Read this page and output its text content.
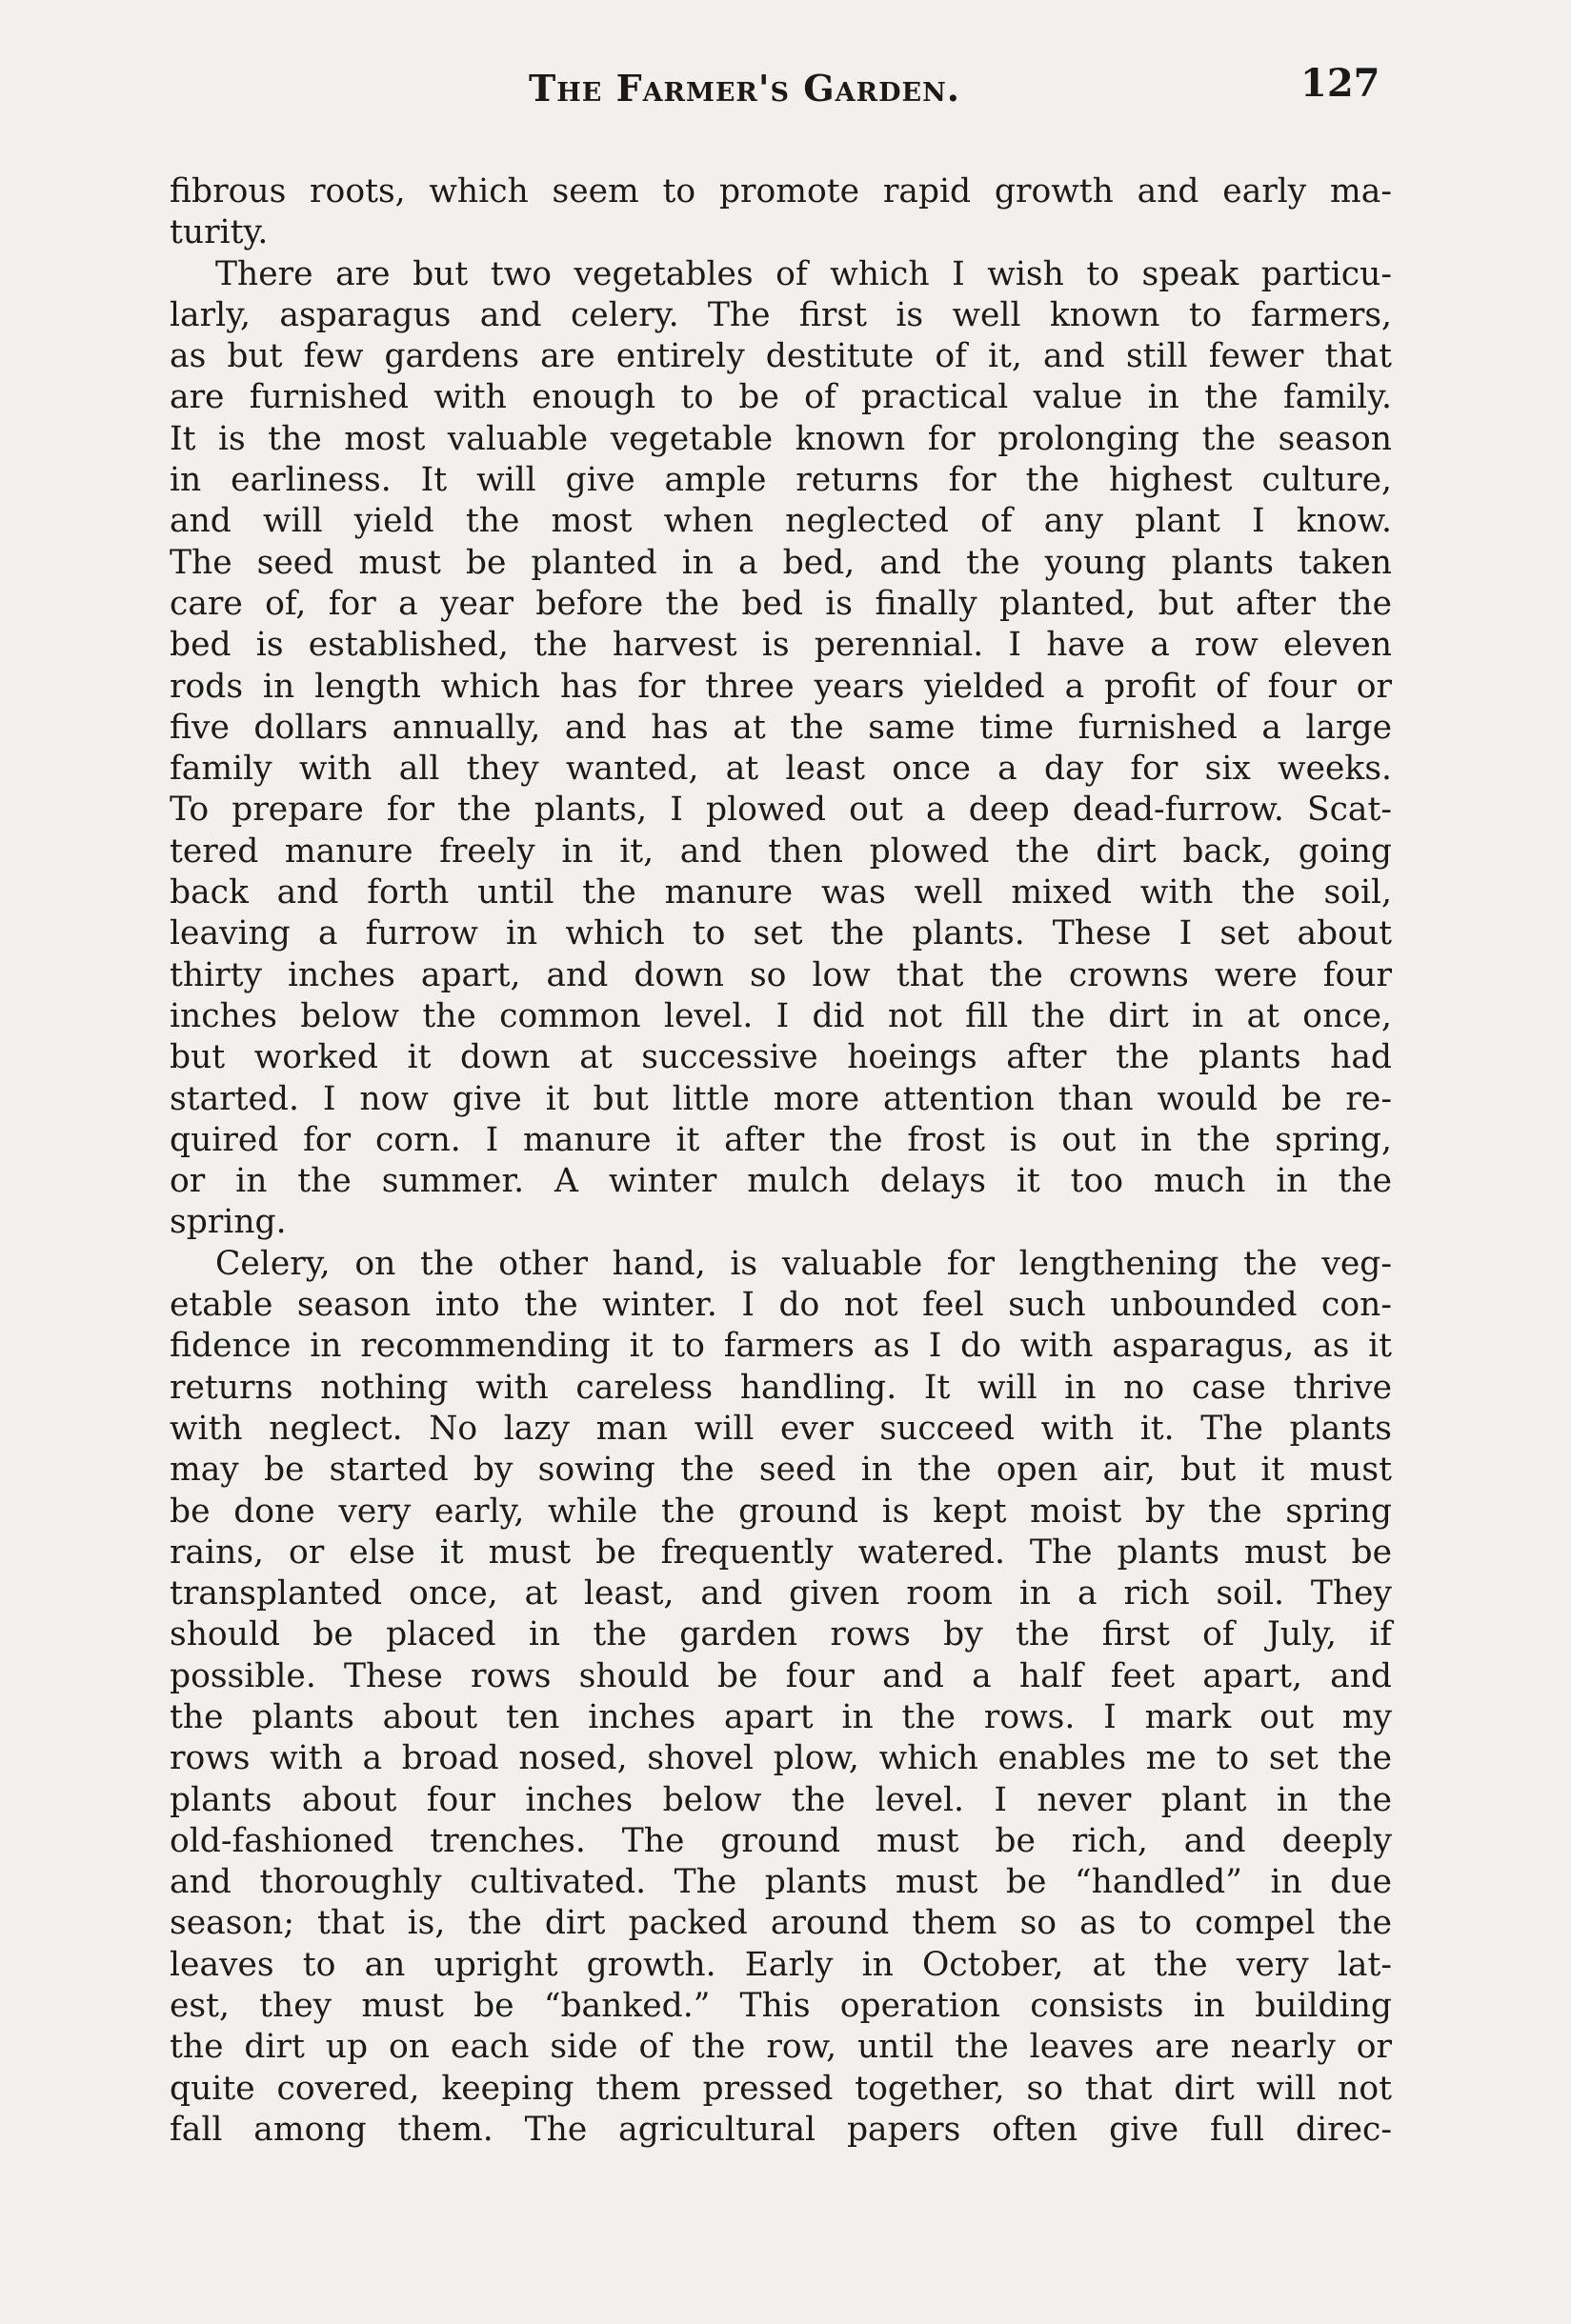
The Farmer's Garden.	127
fibrous roots, which seem to promote rapid growth and early ma-
turity.
There are but two vegetables of which I wish to speak particu-
larly, asparagus and celery. The first is well known to farmers,
as but few gardens are entirely destitute of it, and still fewer that
are furnished with enough to be of practical value in the family.
It is the most valuable vegetable known for prolonging the season
in earliness. It will give ample returns for the highest culture,
and will yield the most when neglected of any plant I know.
The seed must be planted in a bed, and the young plants taken
care of, for a year before the bed is finally planted, but after the
bed is established, the harvest is perennial. I have a row eleven
rods in length which has for three years yielded a profit of four or
five dollars annually, and has at the same time furnished a large
family with all they wanted, at least once a day for six weeks.
To prepare for the plants, I plowed out a deep dead-furrow. Scat-
tered manure freely in it, and then plowed the dirt back, going
back and forth until the manure was well mixed with the soil,
leaving a furrow in which to set the plants. These I set about
thirty inches apart, and down so low that the crowns were four
inches below the common level. I did not fill the dirt in at once,
but worked it down at successive hoeings after the plants had
started. I now give it but little more attention than would be re-
quired for corn. I manure it after the frost is out in the spring,
or in the summer. A winter mulch delays it too much in the
spring.
Celery, on the other hand, is valuable for lengthening the veg-
etable season into the winter. I do not feel such unbounded con-
fidence in recommending it to farmers as I do with asparagus, as it
returns nothing with careless handling. It will in no case thrive
with neglect. No lazy man will ever succeed with it. The plants
may be started by sowing the seed in the open air, but it must
be done very early, while the ground is kept moist by the spring
rains, or else it must be frequently watered. The plants must be
transplanted once, at least, and given room in a rich soil. They
should be placed in the garden rows by the first of July, if
possible. These rows should be four and a half feet apart, and
the plants about ten inches apart in the rows. I mark out my
rows with a broad nosed, shovel plow, which enables me to set the
plants about four inches below the level. I never plant in the
old-fashioned trenches. The ground must be rich, and deeply
and thoroughly cultivated. The plants must be “handled” in due
season; that is, the dirt packed around them so as to compel the
leaves to an upright growth. Early in October, at the very lat-
est, they must be “banked.” This operation consists in building
the dirt up on each side of the row, until the leaves are nearly or
quite covered, keeping them pressed together, so that dirt will not
fall among them. The agricultural papers often give full direc-
